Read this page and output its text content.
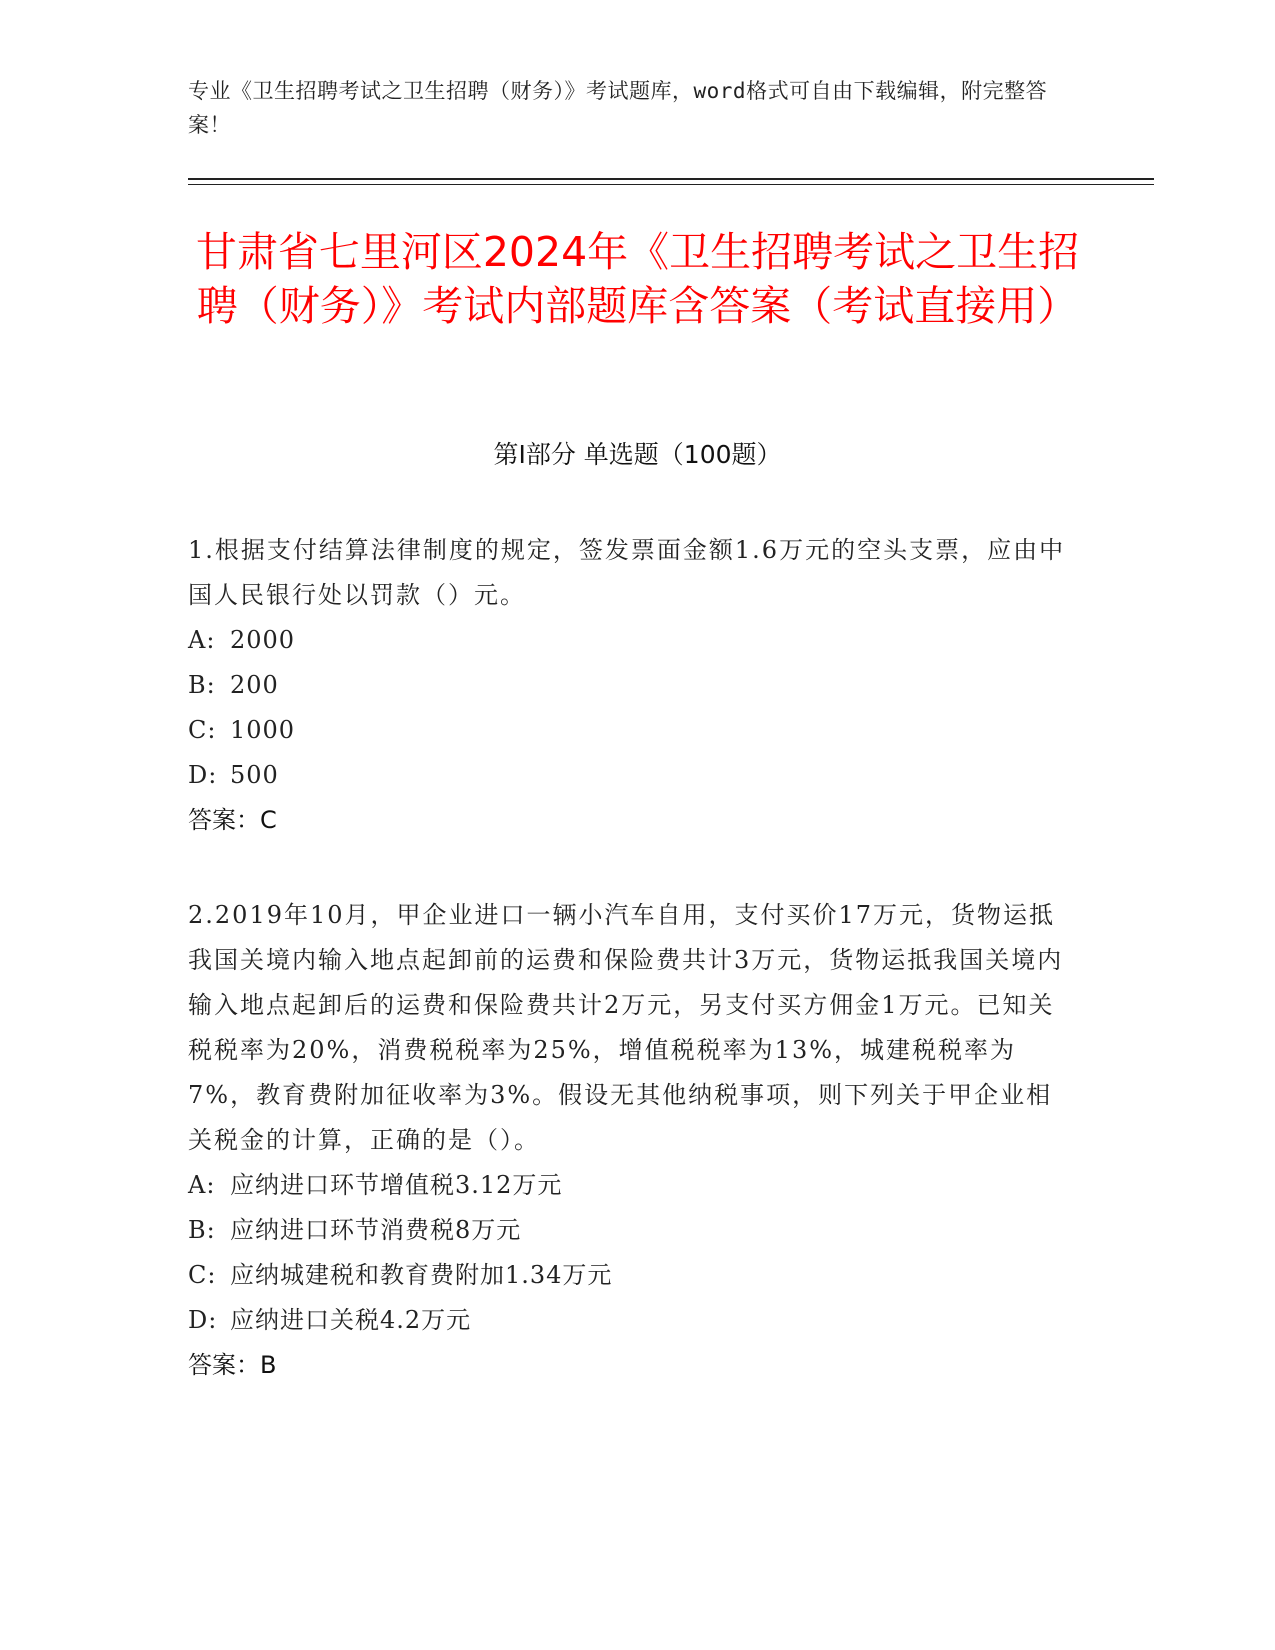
专业《卫生招聘考试之卫生招聘（财务）》考试题库，word格式可自由下载编辑，附完整答案！
甘肃省七里河区2024年《卫生招聘考试之卫生招聘（财务）》考试内部题库含答案（考试直接用）
第I部分 单选题（100题）
1.根据支付结算法律制度的规定，签发票面金额1.6万元的空头支票，应由中国人民银行处以罚款（）元。
A: 2000
B: 200
C: 1000
D: 500
答案：C
2.2019年10月，甲企业进口一辆小汽车自用，支付买价17万元，货物运抵我国关境内输入地点起卸前的运费和保险费共计3万元，货物运抵我国关境内输入地点起卸后的运费和保险费共计2万元，另支付买方佣金1万元。已知关税税率为20%，消费税税率为25%，增值税税率为13%，城建税税率为7%，教育费附加征收率为3%。假设无其他纳税事项，则下列关于甲企业相关税金的计算，正确的是（）。
A: 应纳进口环节增值税3.12万元
B: 应纳进口环节消费税8万元
C: 应纳城建税和教育费附加1.34万元
D: 应纳进口关税4.2万元
答案：B
